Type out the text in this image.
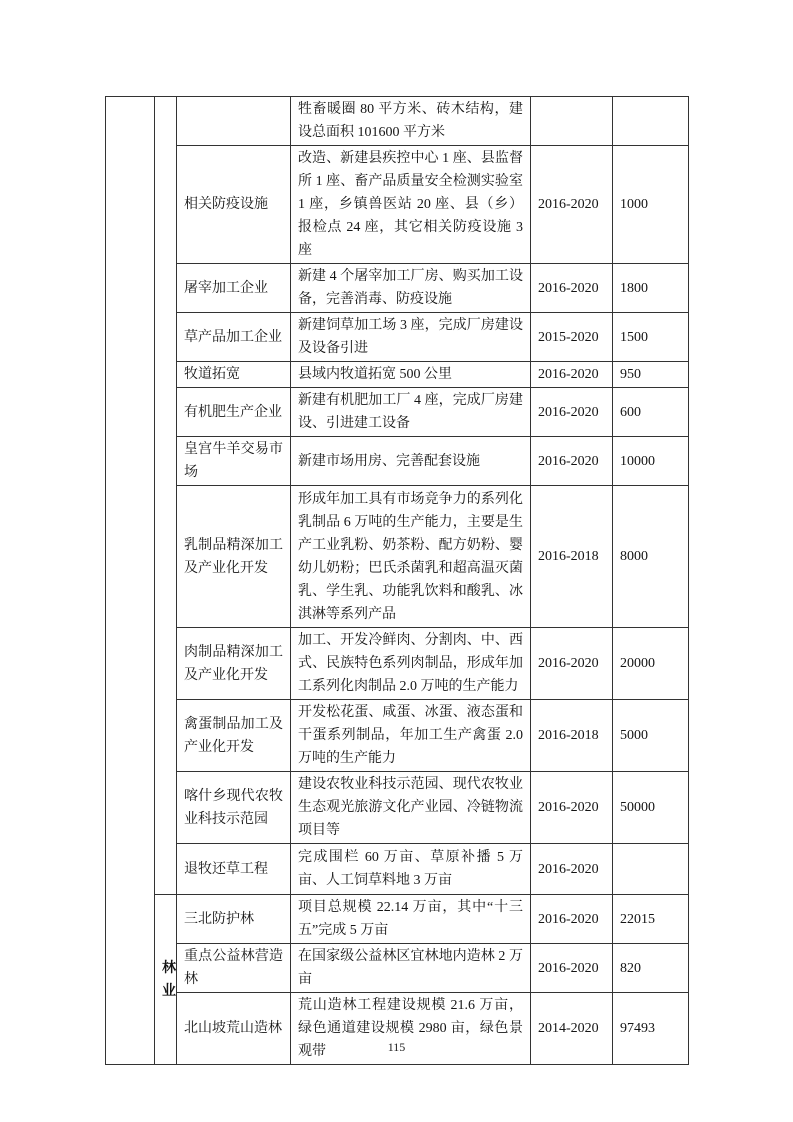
			牲畜暖圈 80 平方米、砖木结构，建设总面积 101600 平方米		
		相关防疫设施	改造、新建县疾控中心 1 座、县监督所 1 座、畜产品质量安全检测实验室 1 座，乡镇兽医站 20 座、县（乡）报检点 24 座，其它相关防疫设施 3 座	2016-2020	1000
		屠宰加工企业	新建 4 个屠宰加工厂房、购买加工设备，完善消毒、防疫设施	2016-2020	1800
		草产品加工企业	新建饲草加工场 3 座，完成厂房建设及设备引进	2015-2020	1500
		牧道拓宽	县域内牧道拓宽 500 公里	2016-2020	950
		有机肥生产企业	新建有机肥加工厂 4 座，完成厂房建设、引进建工设备	2016-2020	600
		皇宫牛羊交易市场	新建市场用房、完善配套设施	2016-2020	10000
		乳制品精深加工及产业化开发	形成年加工具有市场竞争力的系列化乳制品 6 万吨的生产能力，主要是生产工业乳粉、奶茶粉、配方奶粉、婴幼儿奶粉；巴氏杀菌乳和超高温灭菌乳、学生乳、功能乳饮料和酸乳、冰淇淋等系列产品	2016-2018	8000
		肉制品精深加工及产业化开发	加工、开发冷鲜肉、分割肉、中、西式、民族特色系列肉制品，形成年加工系列化肉制品 2.0 万吨的生产能力	2016-2020	20000
		禽蛋制品加工及产业化开发	开发松花蛋、咸蛋、冰蛋、液态蛋和干蛋系列制品，年加工生产禽蛋 2.0 万吨的生产能力	2016-2018	5000
		喀什乡现代农牧业科技示范园	建设农牧业科技示范园、现代农牧业生态观光旅游文化产业园、冷链物流项目等	2016-2020	50000
		退牧还草工程	完成围栏 60 万亩、草原补播 5 万亩、人工饲草料地 3 万亩	2016-2020	
	林业	三北防护林	项目总规模 22.14 万亩，其中“十三五”完成 5 万亩	2016-2020	22015
		重点公益林营造林	在国家级公益林区宜林地内造林 2 万亩	2016-2020	820
		北山坡荒山造林	荒山造林工程建设规模 21.6 万亩，绿色通道建设规模 2980 亩，绿色景观带	2014-2020	97493
115
